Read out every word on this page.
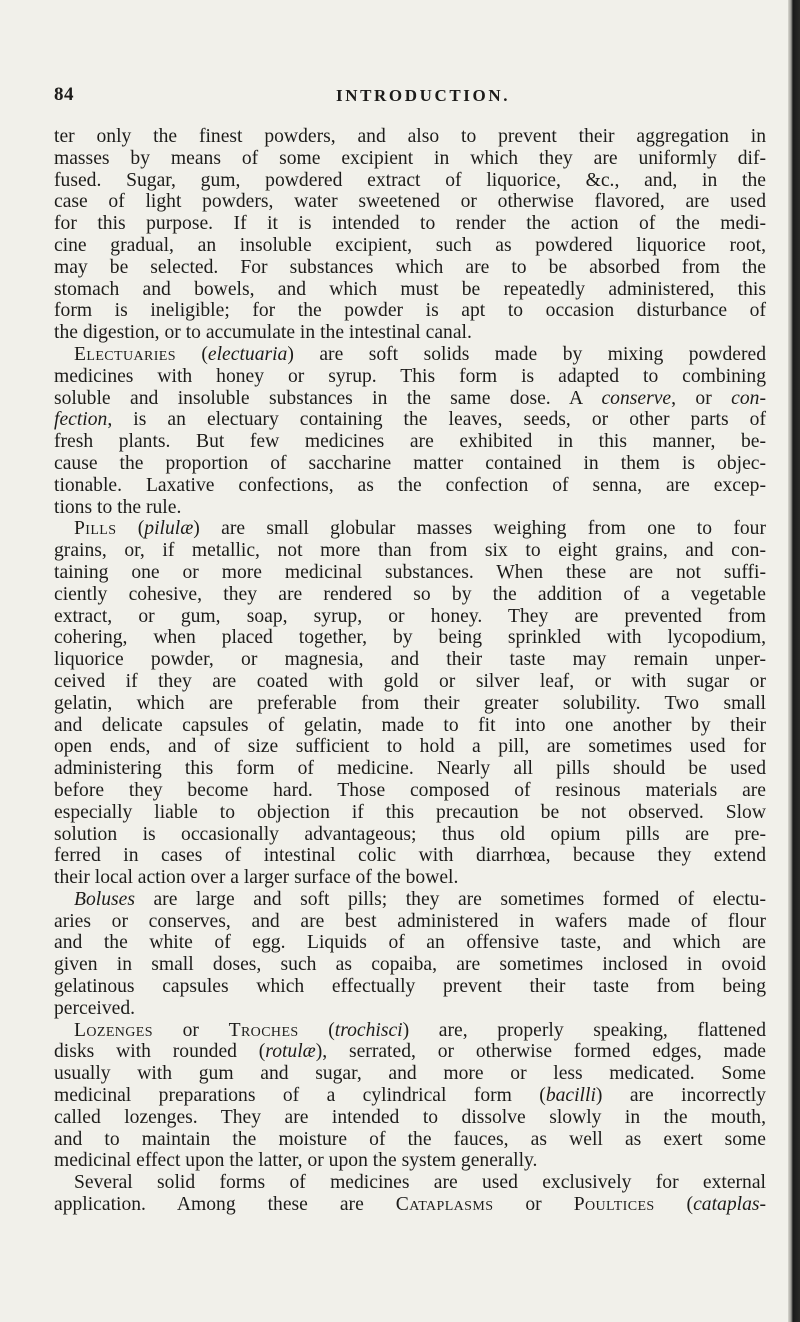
84	INTRODUCTION.
ter only the finest powders, and also to prevent their aggregation in
masses by means of some excipient in which they are uniformly dif-
fused. Sugar, gum, powdered extract of liquorice, &c., and, in the
case of light powders, water sweetened or otherwise flavored, are used
for this purpose. If it is intended to render the action of the medi-
cine gradual, an insoluble excipient, such as powdered liquorice root,
may be selected. For substances which are to be absorbed from the
stomach and bowels, and which must be repeatedly administered, this
form is ineligible; for the powder is apt to occasion disturbance of
the digestion, or to accumulate in the intestinal canal.
Electuaries (electuaria) are soft solids made by mixing powdered
medicines with honey or syrup. This form is adapted to combining
soluble and insoluble substances in the same dose. A conserve, or con-
fection, is an electuary containing the leaves, seeds, or other parts of
fresh plants. But few medicines are exhibited in this manner, be-
cause the proportion of saccharine matter contained in them is objec-
tionable. Laxative confections, as the confection of senna, are excep-
tions to the rule.
Pills (pilulæ) are small globular masses weighing from one to four
grains, or, if metallic, not more than from six to eight grains, and con-
taining one or more medicinal substances. When these are not suffi-
ciently cohesive, they are rendered so by the addition of a vegetable
extract, or gum, soap, syrup, or honey. They are prevented from
cohering, when placed together, by being sprinkled with lycopodium,
liquorice powder, or magnesia, and their taste may remain unper-
ceived if they are coated with gold or silver leaf, or with sugar or
gelatin, which are preferable from their greater solubility. Two small
and delicate capsules of gelatin, made to fit into one another by their
open ends, and of size sufficient to hold a pill, are sometimes used for
administering this form of medicine. Nearly all pills should be used
before they become hard. Those composed of resinous materials are
especially liable to objection if this precaution be not observed. Slow
solution is occasionally advantageous; thus old opium pills are pre-
ferred in cases of intestinal colic with diarrhœa, because they extend
their local action over a larger surface of the bowel.
Boluses are large and soft pills; they are sometimes formed of electu-
aries or conserves, and are best administered in wafers made of flour
and the white of egg. Liquids of an offensive taste, and which are
given in small doses, such as copaiba, are sometimes inclosed in ovoid
gelatinous capsules which effectually prevent their taste from being
perceived.
Lozenges or Troches (trochisci) are, properly speaking, flattened
disks with rounded (rotulæ), serrated, or otherwise formed edges, made
usually with gum and sugar, and more or less medicated. Some
medicinal preparations of a cylindrical form (bacilli) are incorrectly
called lozenges. They are intended to dissolve slowly in the mouth,
and to maintain the moisture of the fauces, as well as exert some
medicinal effect upon the latter, or upon the system generally.
Several solid forms of medicines are used exclusively for external
application. Among these are Cataplasms or Poultices (cataplas-
